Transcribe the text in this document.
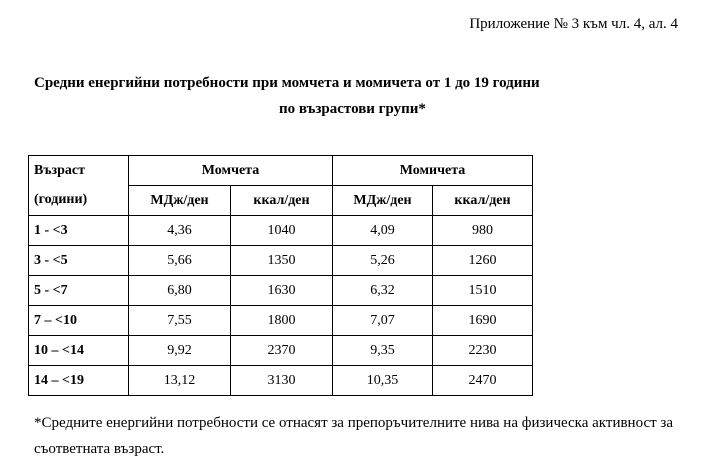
Приложение № 3 към чл. 4, ал. 4
Средни енергийни потребности при момчета и момичета от 1 до 19 години
по възрастови групи*
Възраст	Момчета		Момичета	
(години)	МДж/ден	ккал/ден	МДж/ден	ккал/ден
1 - <3	4,36	1040	4,09	980
3 - <5	5,66	1350	5,26	1260
5 - <7	6,80	1630	6,32	1510
7 – <10	7,55	1800	7,07	1690
10 – <14	9,92	2370	9,35	2230
14 – <19	13,12	3130	10,35	2470
*Средните енергийни потребности се отнасят за препоръчителните нива на физическа активност за съответната възраст.
